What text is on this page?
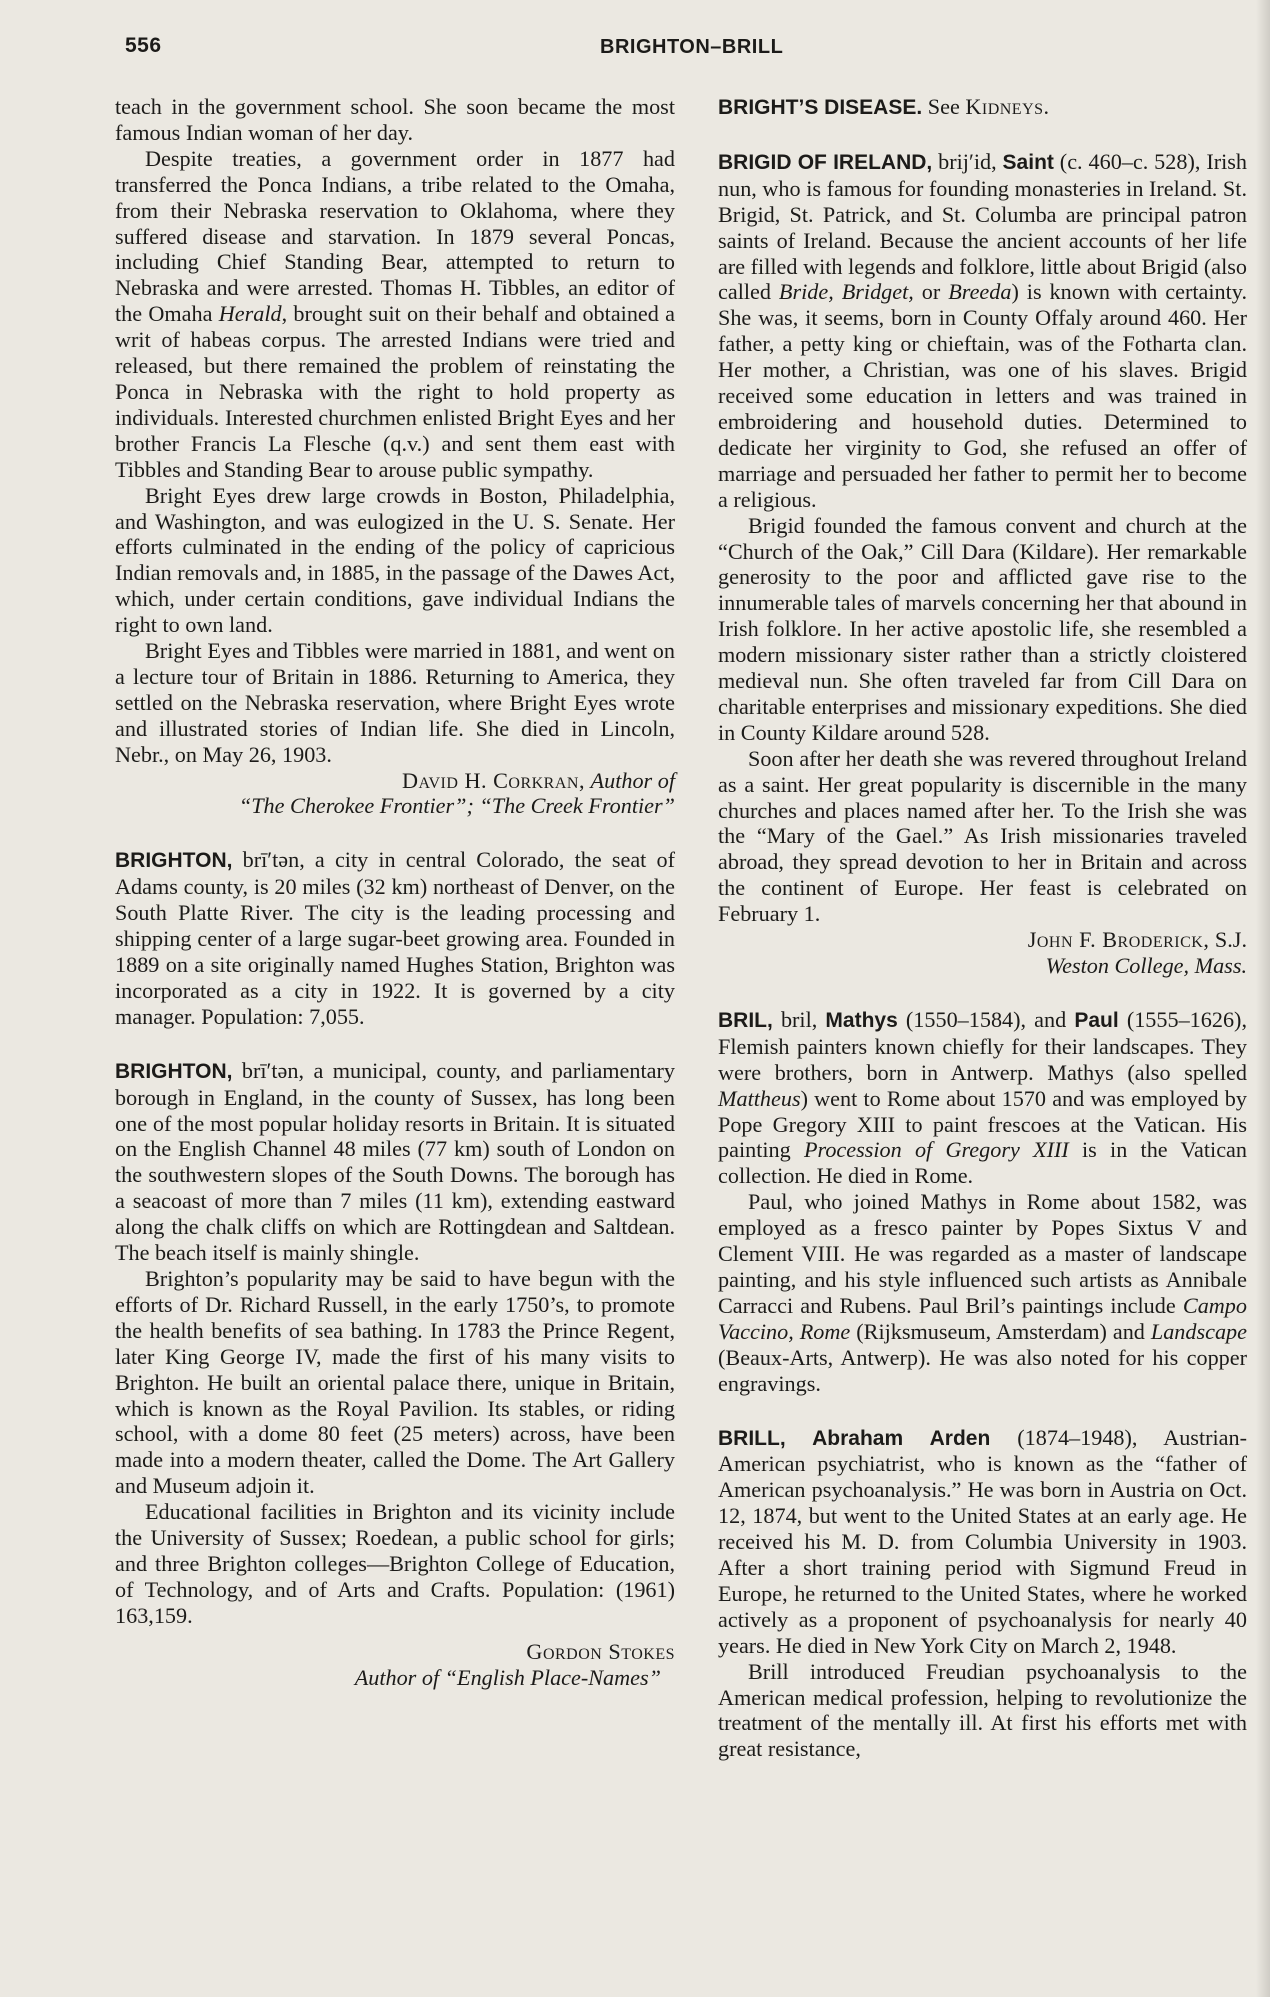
556	BRIGHTON–BRILL

teach in the government school. She soon became the most famous Indian woman of her day.

Despite treaties, a government order in 1877 had transferred the Ponca Indians, a tribe related to the Omaha, from their Nebraska reservation to Oklahoma, where they suffered disease and starvation. In 1879 several Poncas, including Chief Standing Bear, attempted to return to Nebraska and were arrested. Thomas H. Tibbles, an editor of the Omaha Herald, brought suit on their behalf and obtained a writ of habeas corpus. The arrested Indians were tried and released, but there remained the problem of reinstating the Ponca in Nebraska with the right to hold property as individuals. Interested churchmen enlisted Bright Eyes and her brother Francis La Flesche (q.v.) and sent them east with Tibbles and Standing Bear to arouse public sympathy.

Bright Eyes drew large crowds in Boston, Philadelphia, and Washington, and was eulogized in the U. S. Senate. Her efforts culminated in the ending of the policy of capricious Indian removals and, in 1885, in the passage of the Dawes Act, which, under certain conditions, gave individual Indians the right to own land.

Bright Eyes and Tibbles were married in 1881, and went on a lecture tour of Britain in 1886. Returning to America, they settled on the Nebraska reservation, where Bright Eyes wrote and illustrated stories of Indian life. She died in Lincoln, Nebr., on May 26, 1903.

David H. Corkran, Author of

“The Cherokee Frontier”; “The Creek Frontier”

BRIGHTON, brī′tən, a city in central Colorado, the seat of Adams county, is 20 miles (32 km) northeast of Denver, on the South Platte River. The city is the leading processing and shipping center of a large sugar-beet growing area. Founded in 1889 on a site originally named Hughes Station, Brighton was incorporated as a city in 1922. It is governed by a city manager. Population: 7,055.

BRIGHTON, brī′tən, a municipal, county, and parliamentary borough in England, in the county of Sussex, has long been one of the most popular holiday resorts in Britain. It is situated on the English Channel 48 miles (77 km) south of London on the southwestern slopes of the South Downs. The borough has a seacoast of more than 7 miles (11 km), extending eastward along the chalk cliffs on which are Rottingdean and Saltdean. The beach itself is mainly shingle.

Brighton’s popularity may be said to have begun with the efforts of Dr. Richard Russell, in the early 1750’s, to promote the health benefits of sea bathing. In 1783 the Prince Regent, later King George IV, made the first of his many visits to Brighton. He built an oriental palace there, unique in Britain, which is known as the Royal Pavilion. Its stables, or riding school, with a dome 80 feet (25 meters) across, have been made into a modern theater, called the Dome. The Art Gallery and Museum adjoin it.

Educational facilities in Brighton and its vicinity include the University of Sussex; Roedean, a public school for girls; and three Brighton colleges—Brighton College of Education, of Technology, and of Arts and Crafts. Population: (1961) 163,159.

Gordon Stokes

Author of “English Place-Names”

BRIGHT’S DISEASE. See Kidneys.

BRIGID OF IRELAND, brij′id, Saint (c. 460–c. 528), Irish nun, who is famous for founding monasteries in Ireland. St. Brigid, St. Patrick, and St. Columba are principal patron saints of Ireland. Because the ancient accounts of her life are filled with legends and folklore, little about Brigid (also called Bride, Bridget, or Breeda) is known with certainty. She was, it seems, born in County Offaly around 460. Her father, a petty king or chieftain, was of the Fotharta clan. Her mother, a Christian, was one of his slaves. Brigid received some education in letters and was trained in embroidering and household duties. Determined to dedicate her virginity to God, she refused an offer of marriage and persuaded her father to permit her to become a religious.

Brigid founded the famous convent and church at the “Church of the Oak,” Cill Dara (Kildare). Her remarkable generosity to the poor and afflicted gave rise to the innumerable tales of marvels concerning her that abound in Irish folklore. In her active apostolic life, she resembled a modern missionary sister rather than a strictly cloistered medieval nun. She often traveled far from Cill Dara on charitable enterprises and missionary expeditions. She died in County Kildare around 528.

Soon after her death she was revered throughout Ireland as a saint. Her great popularity is discernible in the many churches and places named after her. To the Irish she was the “Mary of the Gael.” As Irish missionaries traveled abroad, they spread devotion to her in Britain and across the continent of Europe. Her feast is celebrated on February 1.

John F. Broderick, S.J.

Weston College, Mass.

BRIL, bril, Mathys (1550–1584), and Paul (1555–1626), Flemish painters known chiefly for their landscapes. They were brothers, born in Antwerp. Mathys (also spelled Mattheus) went to Rome about 1570 and was employed by Pope Gregory XIII to paint frescoes at the Vatican. His painting Procession of Gregory XIII is in the Vatican collection. He died in Rome.

Paul, who joined Mathys in Rome about 1582, was employed as a fresco painter by Popes Sixtus V and Clement VIII. He was regarded as a master of landscape painting, and his style influenced such artists as Annibale Carracci and Rubens. Paul Bril’s paintings include Campo Vaccino, Rome (Rijksmuseum, Amsterdam) and Landscape (Beaux-Arts, Antwerp). He was also noted for his copper engravings.

BRILL, Abraham Arden (1874–1948), Austrian-American psychiatrist, who is known as the “father of American psychoanalysis.” He was born in Austria on Oct. 12, 1874, but went to the United States at an early age. He received his M. D. from Columbia University in 1903. After a short training period with Sigmund Freud in Europe, he returned to the United States, where he worked actively as a proponent of psychoanalysis for nearly 40 years. He died in New York City on March 2, 1948.

Brill introduced Freudian psychoanalysis to the American medical profession, helping to revolutionize the treatment of the mentally ill. At first his efforts met with great resistance,
